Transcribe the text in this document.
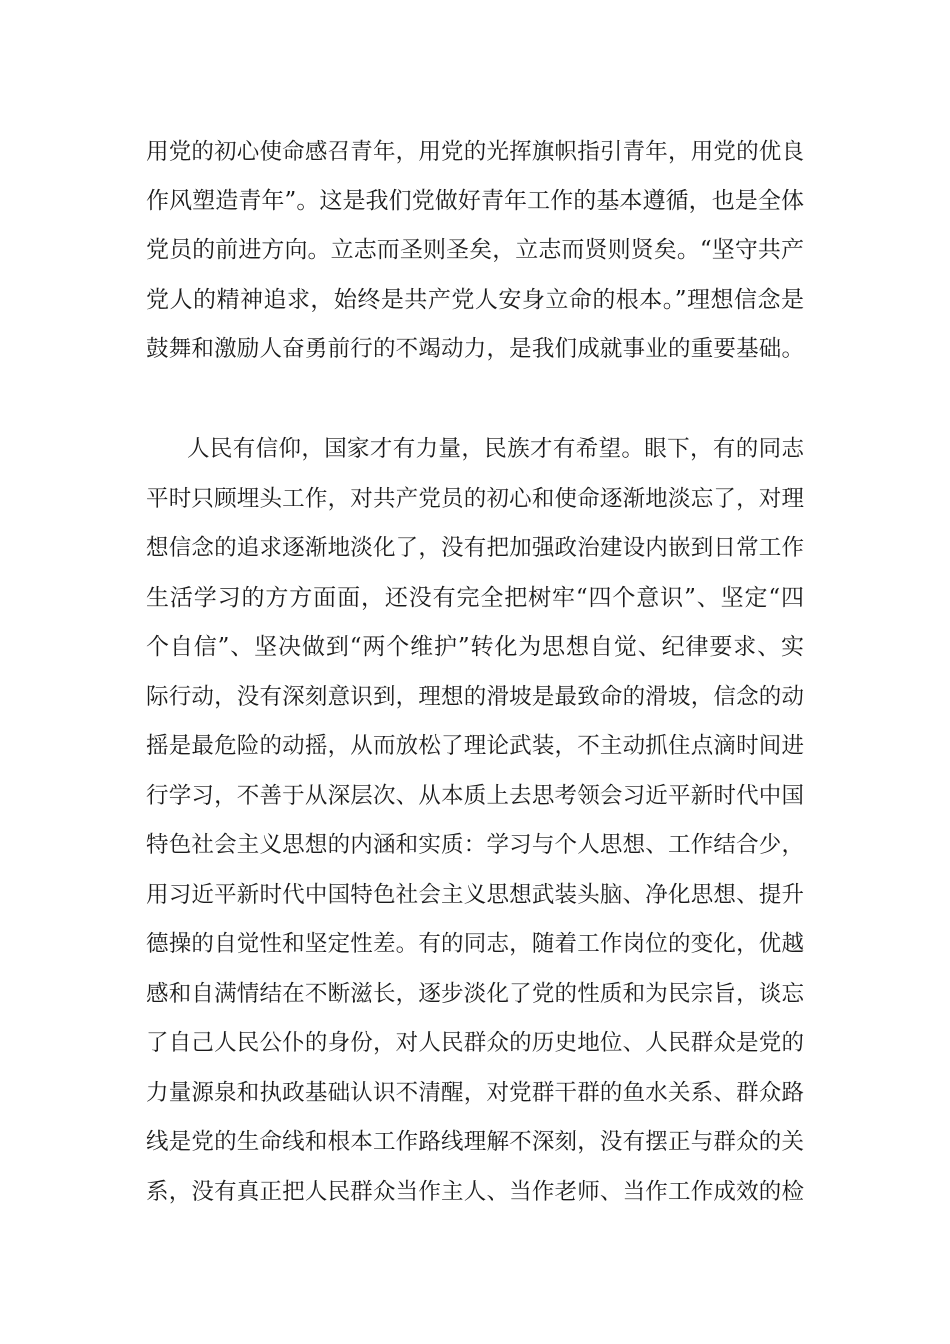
用党的初心使命感召青年，用党的光挥旗帜指引青年，用党的优良
作风塑造青年”。这是我们党做好青年工作的基本遵循，也是全体
党员的前进方向。立志而圣则圣矣，立志而贤则贤矣。“坚守共产
党人的精神追求，始终是共产党人安身立命的根本。”理想信念是
鼓舞和激励人奋勇前行的不竭动力，是我们成就事业的重要基础。
人民有信仰，国家才有力量，民族才有希望。眼下，有的同志
平时只顾埋头工作，对共产党员的初心和使命逐渐地淡忘了，对理
想信念的追求逐渐地淡化了，没有把加强政治建设内嵌到日常工作
生活学习的方方面面，还没有完全把树牢“四个意识”、坚定“四
个自信”、坚决做到“两个维护”转化为思想自觉、纪律要求、实
际行动，没有深刻意识到，理想的滑坡是最致命的滑坡，信念的动
摇是最危险的动摇，从而放松了理论武装，不主动抓住点滴时间进
行学习，不善于从深层次、从本质上去思考领会习近平新时代中国
特色社会主义思想的内涵和实质：学习与个人思想、工作结合少，
用习近平新时代中国特色社会主义思想武装头脑、净化思想、提升
德操的自觉性和坚定性差。有的同志，随着工作岗位的变化，优越
感和自满情结在不断滋长，逐步淡化了党的性质和为民宗旨，谈忘
了自己人民公仆的身份，对人民群众的历史地位、人民群众是党的
力量源泉和执政基础认识不清醒，对党群干群的鱼水关系、群众路
线是党的生命线和根本工作路线理解不深刻，没有摆正与群众的关
系，没有真正把人民群众当作主人、当作老师、当作工作成效的检
